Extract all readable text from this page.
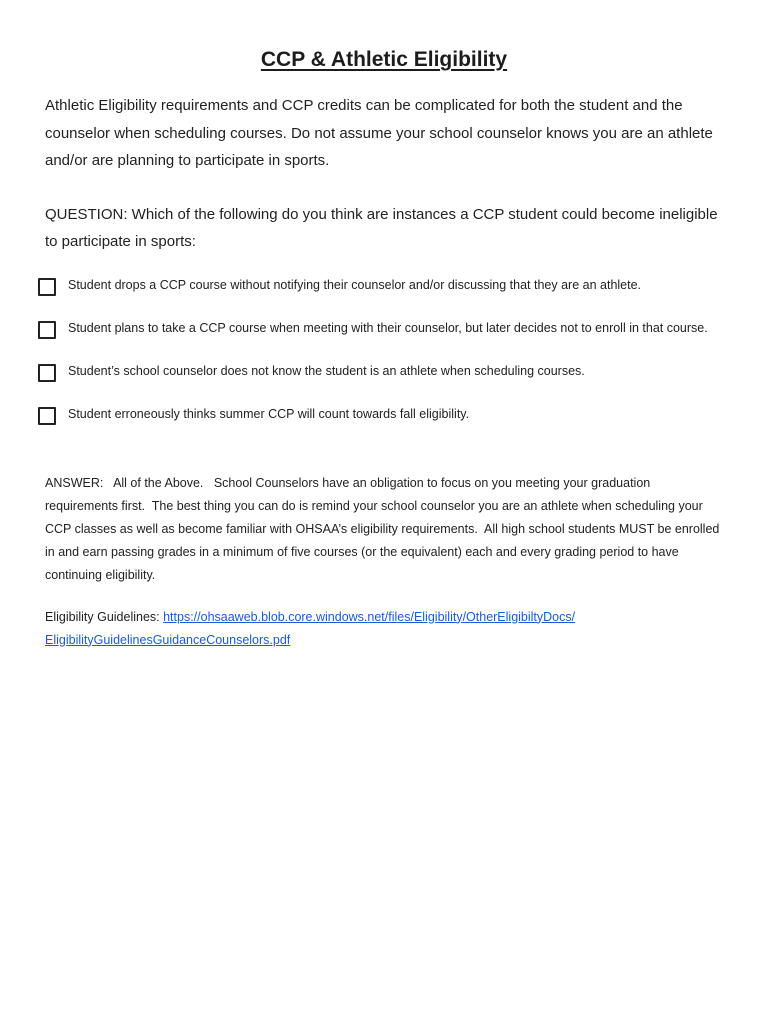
CCP & Athletic Eligibility

Athletic Eligibility requirements and CCP credits can be complicated for both the student and the counselor when scheduling courses. Do not assume your school counselor knows you are an athlete and/or are planning to participate in sports.

QUESTION: Which of the following do you think are instances a CCP student could become ineligible to participate in sports:

Student drops a CCP course without notifying their counselor and/or discussing that they are an athlete.
Student plans to take a CCP course when meeting with their counselor, but later decides not to enroll in that course.
Student’s school counselor does not know the student is an athlete when scheduling courses.
Student erroneously thinks summer CCP will count towards fall eligibility.

ANSWER:   All of the Above.   School Counselors have an obligation to focus on you meeting your graduation requirements first.  The best thing you can do is remind your school counselor you are an athlete when scheduling your CCP classes as well as become familiar with OHSAA’s eligibility requirements.  All high school students MUST be enrolled in and earn passing grades in a minimum of five courses (or the equivalent) each and every grading period to have continuing eligibility.

Eligibility Guidelines: https://ohsaaweb.blob.core.windows.net/files/Eligibility/OtherEligibiltyDocs/
EligibilityGuidelinesGuidanceCounselors.pdf
